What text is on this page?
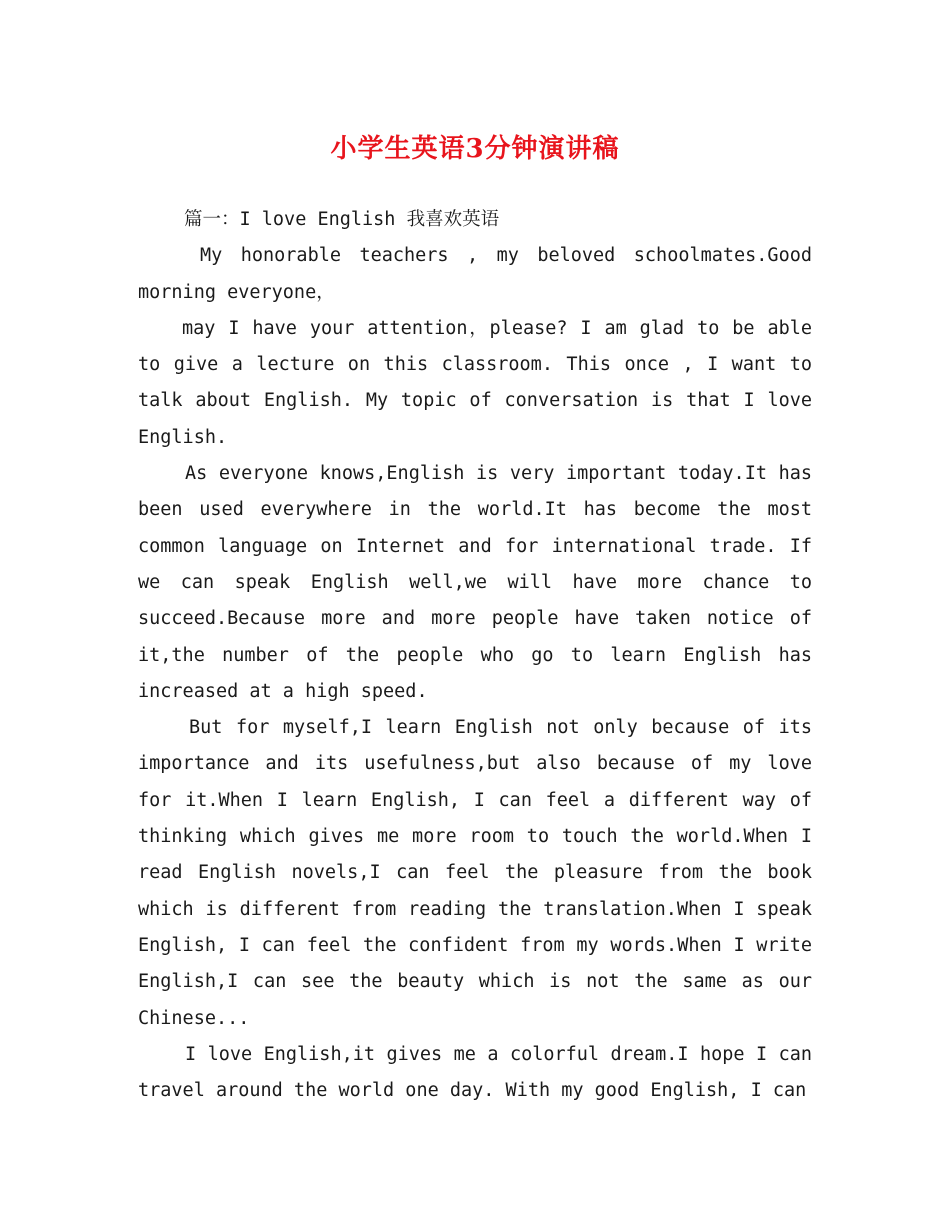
小学生英语3分钟演讲稿

篇一：I love English 我喜欢英语

My honorable teachers , my beloved schoolmates.Good morning everyone，

may I have your attention，please? I am glad to be able to give a lecture on this classroom. This once , I want to talk about English. My topic of conversation is that I love English.

As everyone knows,English is very important today.It has been used everywhere in the world.It has become the most common language on Internet and for international trade. If we can speak English well,we will have more chance to succeed.Because more and more people have taken notice of it,the number of the people who go to learn English has increased at a high speed.

But for myself,I learn English not only because of its importance and its usefulness,but also because of my love for it.When I learn English, I can feel a different way of thinking which gives me more room to touch the world.When I read English novels,I can feel the pleasure from the book which is different from reading the translation.When I speak English, I can feel the confident from my words.When I write English,I can see the beauty which is not the same as our Chinese...

I love English,it gives me a colorful dream.I hope I can travel around the world one day. With my good English, I can
